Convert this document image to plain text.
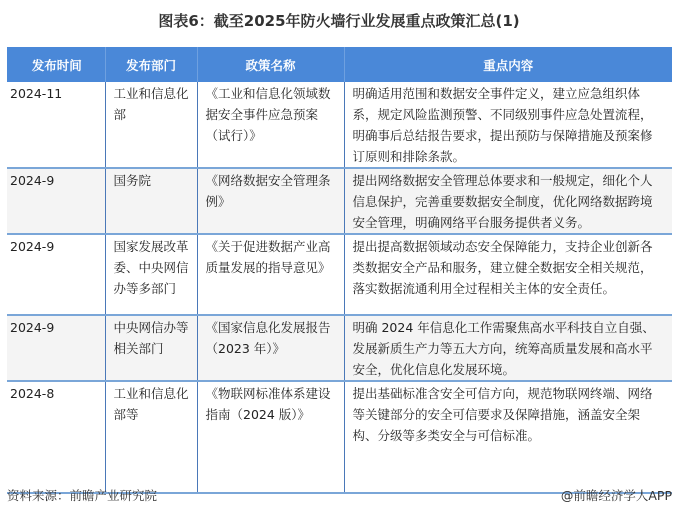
图表6：截至2025年防火墙行业发展重点政策汇总(1)
发布时间	发布部门	政策名称	重点内容
2024-11	工业和信息化部	《工业和信息化领域数据安全事件应急预案（试行）》	明确适用范围和数据安全事件定义，建立应急组织体系，规定风险监测预警、不同级别事件应急处置流程，明确事后总结报告要求，提出预防与保障措施及预案修订原则和排除条款。
2024-9	国务院	《网络数据安全管理条例》	提出网络数据安全管理总体要求和一般规定，细化个人信息保护，完善重要数据安全制度，优化网络数据跨境安全管理，明确网络平台服务提供者义务。
2024-9	国家发展改革委、中央网信办等多部门	《关于促进数据产业高质量发展的指导意见》	提出提高数据领域动态安全保障能力，支持企业创新各类数据安全产品和服务，建立健全数据安全相关规范，落实数据流通利用全过程相关主体的安全责任。
2024-9	中央网信办等相关部门	《国家信息化发展报告（2023 年）》	明确 2024 年信息化工作需聚焦高水平科技自立自强、发展新质生产力等五大方向，统筹高质量发展和高水平安全，优化信息化发展环境。
2024-8	工业和信息化部等	《物联网标准体系建设指南（2024 版）》	提出基础标准含安全可信方向，规范物联网终端、网络等关键部分的安全可信要求及保障措施，涵盖安全架构、分级等多类安全与可信标准。
资料来源：前瞻产业研究院	@前瞻经济学人APP
